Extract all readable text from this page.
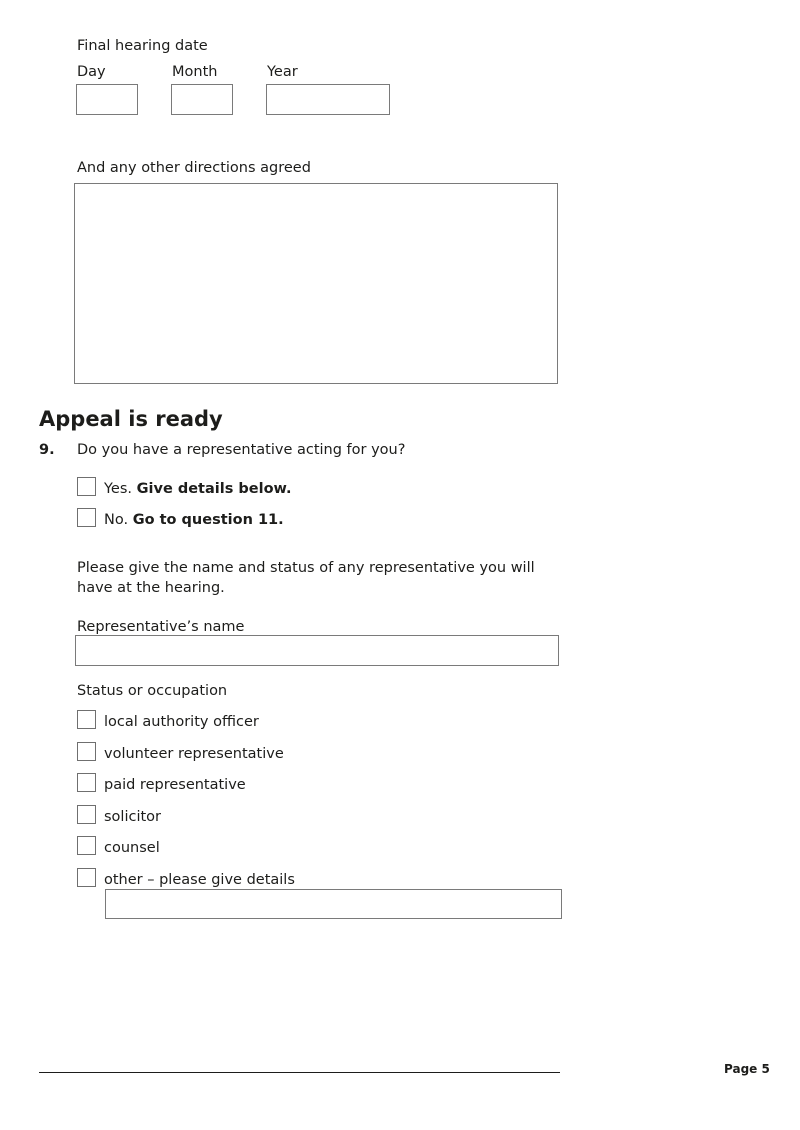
Final hearing date
Day	Month	Year
And any other directions agreed
Appeal is ready
9. Do you have a representative acting for you?
Yes. Give details below.
No. Go to question 11.
Please give the name and status of any representative you will have at the hearing.
Representative’s name
Status or occupation
local authority officer
volunteer representative
paid representative
solicitor
counsel
other – please give details
Page 5
